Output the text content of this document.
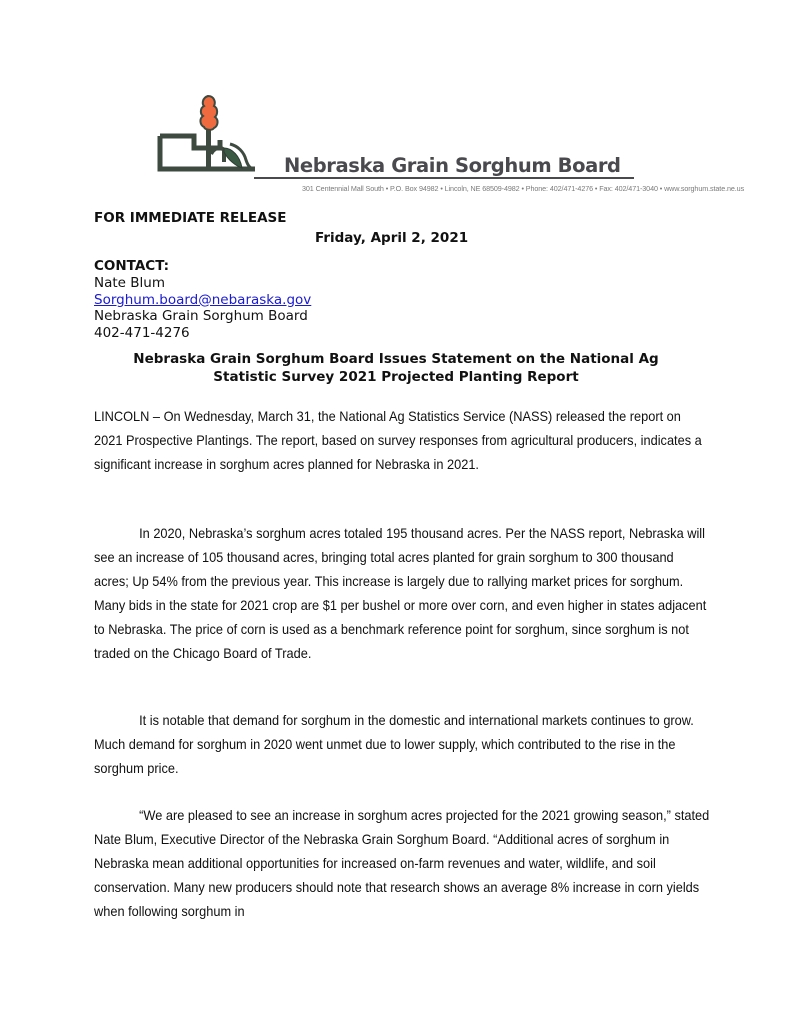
Nebraska Grain Sorghum Board
301 Centennial Mall South • P.O. Box 94982 • Lincoln, NE 68509-4982 • Phone: 402/471-4276 • Fax: 402/471-3040 • www.sorghum.state.ne.us
FOR IMMEDIATE RELEASE
Friday, April 2, 2021
CONTACT:
Nate Blum
Sorghum.board@nebaraska.gov
Nebraska Grain Sorghum Board
402-471-4276
Nebraska Grain Sorghum Board Issues Statement on the National Ag
Statistic Survey 2021 Projected Planting Report

LINCOLN – On Wednesday, March 31, the National Ag Statistics Service (NASS) released the report on 2021 Prospective Plantings. The report, based on survey responses from agricultural producers, indicates a significant increase in sorghum acres planned for Nebraska in 2021.

In 2020, Nebraska’s sorghum acres totaled 195 thousand acres. Per the NASS report, Nebraska will see an increase of 105 thousand acres, bringing total acres planted for grain sorghum to 300 thousand acres; Up 54% from the previous year. This increase is largely due to rallying market prices for sorghum. Many bids in the state for 2021 crop are $1 per bushel or more over corn, and even higher in states adjacent to Nebraska. The price of corn is used as a benchmark reference point for sorghum, since sorghum is not traded on the Chicago Board of Trade.

It is notable that demand for sorghum in the domestic and international markets continues to grow. Much demand for sorghum in 2020 went unmet due to lower supply, which contributed to the rise in the sorghum price.

“We are pleased to see an increase in sorghum acres projected for the 2021 growing season,” stated Nate Blum, Executive Director of the Nebraska Grain Sorghum Board. “Additional acres of sorghum in Nebraska mean additional opportunities for increased on-farm revenues and water, wildlife, and soil conservation. Many new producers should note that research shows an average 8% increase in corn yields when following sorghum in
